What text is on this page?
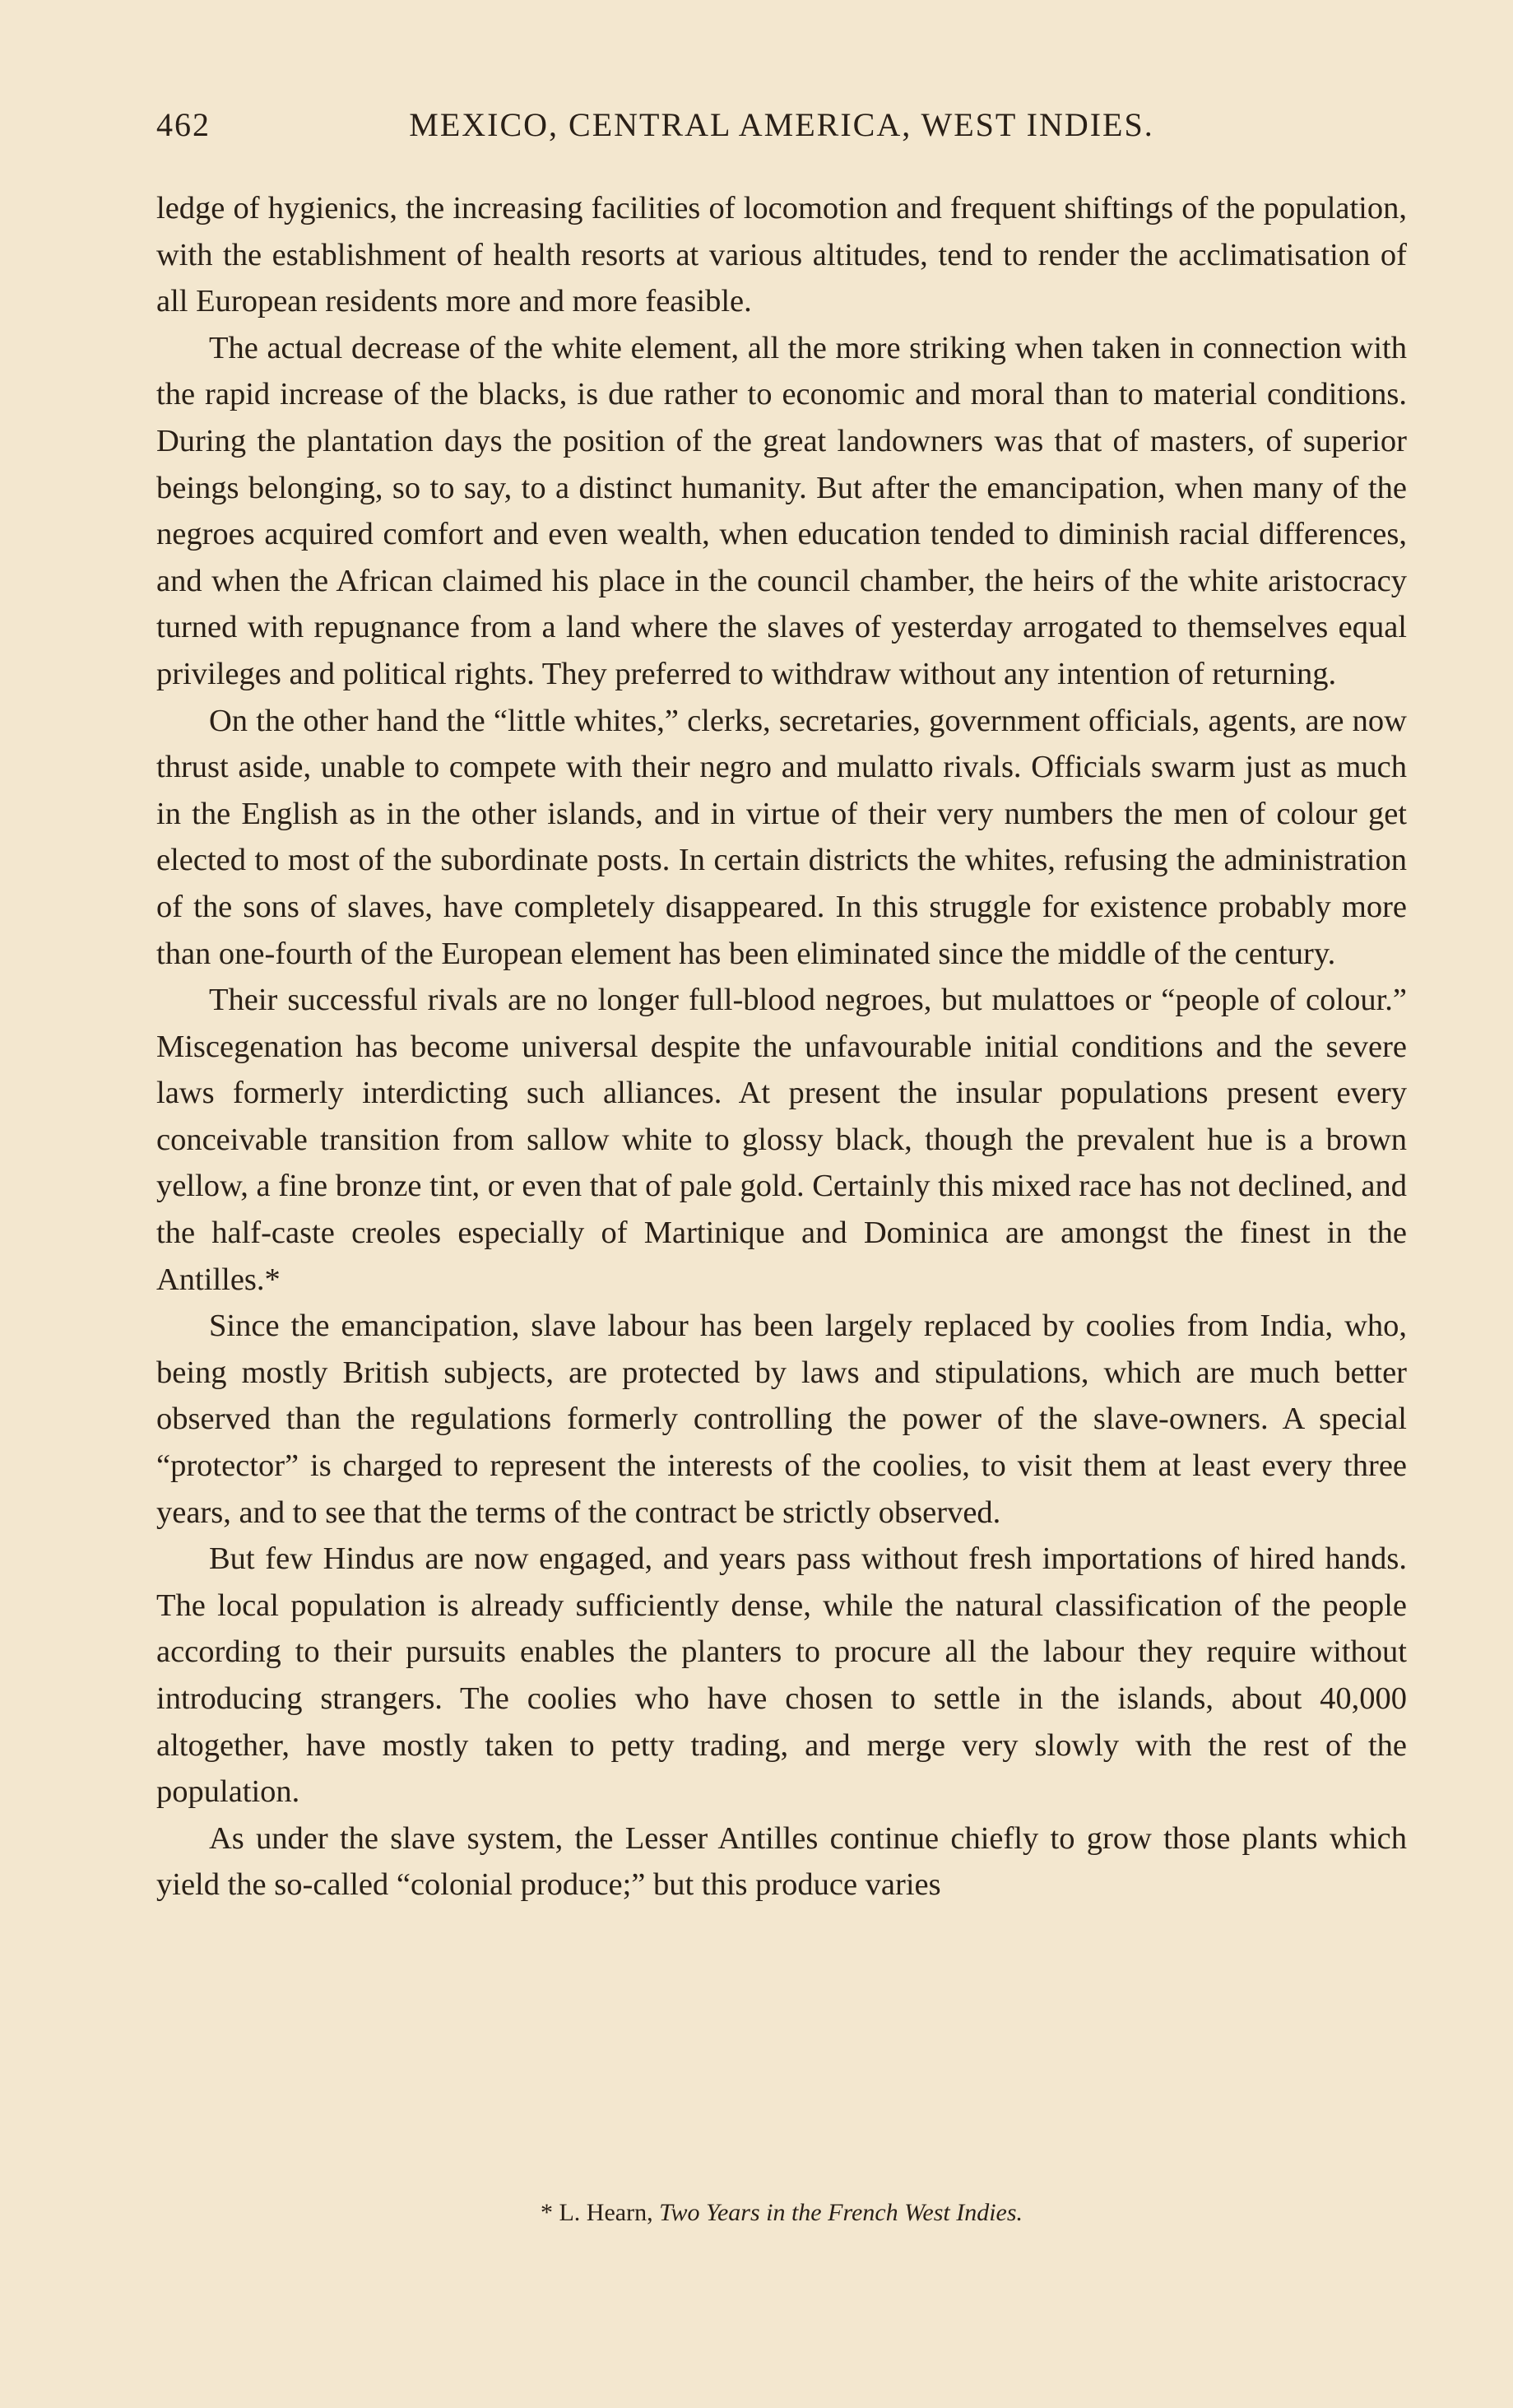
462	MEXICO, CENTRAL AMERICA, WEST INDIES.

ledge of hygienics, the increasing facilities of locomotion and frequent shiftings of the population, with the establishment of health resorts at various altitudes, tend to render the acclimatisation of all European residents more and more feasible.

The actual decrease of the white element, all the more striking when taken in connection with the rapid increase of the blacks, is due rather to economic and moral than to material conditions. During the plantation days the position of the great landowners was that of masters, of superior beings belonging, so to say, to a distinct humanity. But after the emancipation, when many of the negroes acquired comfort and even wealth, when education tended to diminish racial differences, and when the African claimed his place in the council chamber, the heirs of the white aristocracy turned with repugnance from a land where the slaves of yesterday arrogated to themselves equal privileges and political rights. They preferred to withdraw without any intention of returning.

On the other hand the “little whites,” clerks, secretaries, government officials, agents, are now thrust aside, unable to compete with their negro and mulatto rivals. Officials swarm just as much in the English as in the other islands, and in virtue of their very numbers the men of colour get elected to most of the subordinate posts. In certain districts the whites, refusing the administration of the sons of slaves, have completely disappeared. In this struggle for existence probably more than one-fourth of the European element has been eliminated since the middle of the century.

Their successful rivals are no longer full-blood negroes, but mulattoes or “people of colour.” Miscegenation has become universal despite the unfavourable initial conditions and the severe laws formerly interdicting such alliances. At present the insular populations present every conceivable transition from sallow white to glossy black, though the prevalent hue is a brown yellow, a fine bronze tint, or even that of pale gold. Certainly this mixed race has not declined, and the half-caste creoles especially of Martinique and Dominica are amongst the finest in the Antilles.*

Since the emancipation, slave labour has been largely replaced by coolies from India, who, being mostly British subjects, are protected by laws and stipulations, which are much better observed than the regulations formerly controlling the power of the slave-owners. A special “protector” is charged to represent the interests of the coolies, to visit them at least every three years, and to see that the terms of the contract be strictly observed.

But few Hindus are now engaged, and years pass without fresh importations of hired hands. The local population is already sufficiently dense, while the natural classification of the people according to their pursuits enables the planters to procure all the labour they require without introducing strangers. The coolies who have chosen to settle in the islands, about 40,000 altogether, have mostly taken to petty trading, and merge very slowly with the rest of the population.

As under the slave system, the Lesser Antilles continue chiefly to grow those plants which yield the so-called “colonial produce;” but this produce varies

* L. Hearn, Two Years in the French West Indies.
